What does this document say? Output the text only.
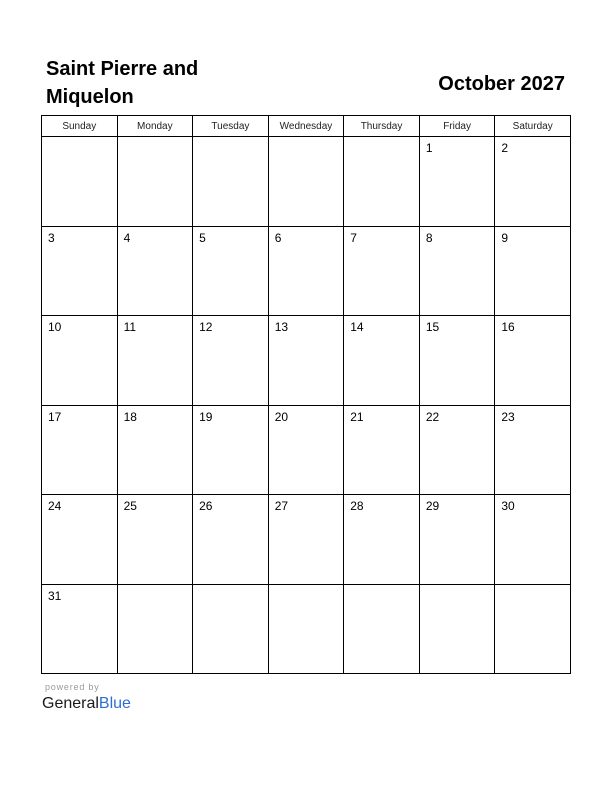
Saint Pierre and Miquelon
October 2027
Sunday	Monday	Tuesday	Wednesday	Thursday	Friday	Saturday

					1	2

3	4	5	6	7	8	9

10	11	12	13	14	15	16

17	18	19	20	21	22	23

24	25	26	27	28	29	30

31						

powered by
GeneralBlue
